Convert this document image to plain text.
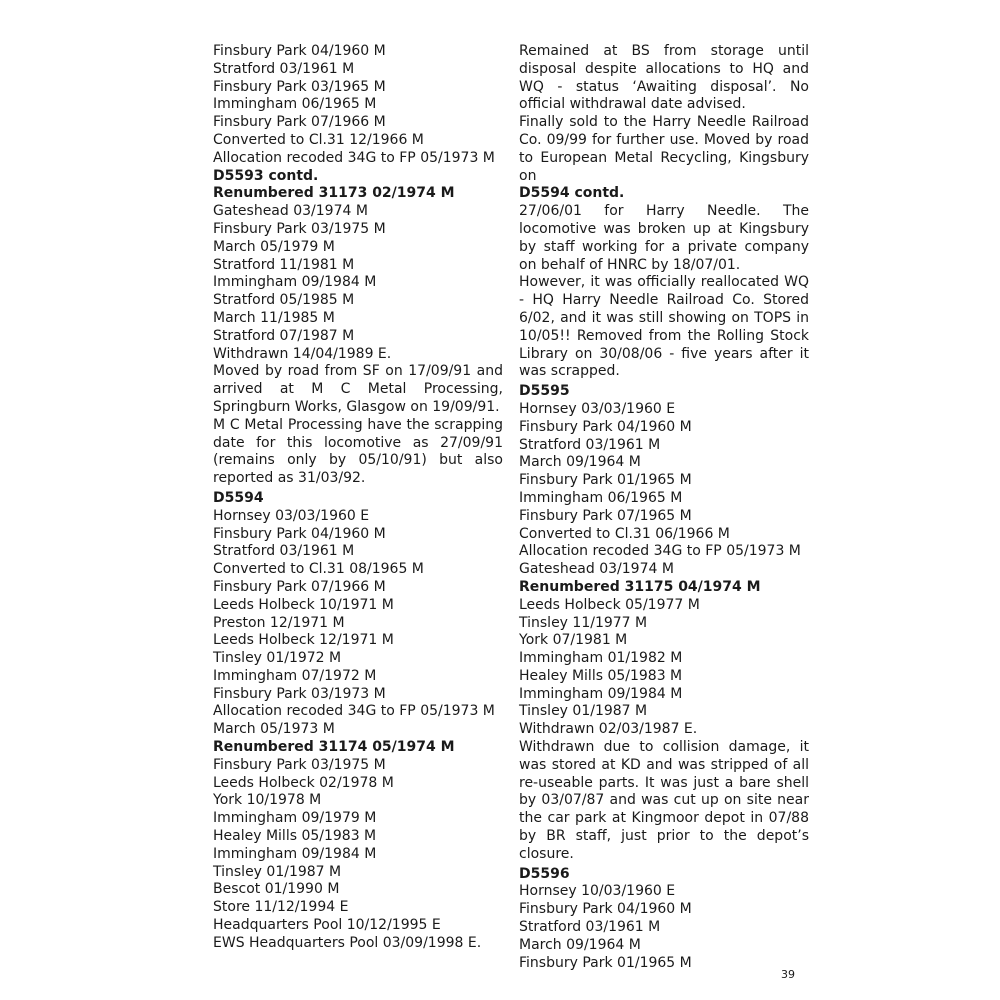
Finsbury Park 04/1960 M
Stratford 03/1961 M
Finsbury Park 03/1965 M
Immingham 06/1965 M
Finsbury Park 07/1966 M
Converted to Cl.31 12/1966 M
Allocation recoded 34G to FP 05/1973 M
D5593 contd.
Renumbered 31173 02/1974 M
Gateshead 03/1974 M
Finsbury Park 03/1975 M
March 05/1979 M
Stratford 11/1981 M
Immingham 09/1984 M
Stratford 05/1985 M
March 11/1985 M
Stratford 07/1987 M
Withdrawn 14/04/1989 E.
Moved by road from SF on 17/09/91 and arrived at M C Metal Processing, Springburn Works, Glasgow on 19/09/91.
M C Metal Processing have the scrapping date for this locomotive as 27/09/91 (remains only by 05/10/91) but also reported as 31/03/92.
D5594
Hornsey 03/03/1960 E
Finsbury Park 04/1960 M
Stratford 03/1961 M
Converted to Cl.31 08/1965 M
Finsbury Park 07/1966 M
Leeds Holbeck 10/1971 M
Preston 12/1971 M
Leeds Holbeck 12/1971 M
Tinsley 01/1972 M
Immingham 07/1972 M
Finsbury Park 03/1973 M
Allocation recoded 34G to FP 05/1973 M
March 05/1973 M
Renumbered 31174 05/1974 M
Finsbury Park 03/1975 M
Leeds Holbeck 02/1978 M
York 10/1978 M
Immingham 09/1979 M
Healey Mills 05/1983 M
Immingham 09/1984 M
Tinsley 01/1987 M
Bescot 01/1990 M
Store 11/12/1994 E
Headquarters Pool 10/12/1995 E
EWS Headquarters Pool 03/09/1998 E.
Remained at BS from storage until disposal despite allocations to HQ and WQ - status ‘Awaiting disposal’. No official withdrawal date advised.
Finally sold to the Harry Needle Railroad Co. 09/99 for further use. Moved by road to European Metal Recycling, Kingsbury on
D5594 contd.
27/06/01 for Harry Needle. The locomotive was broken up at Kingsbury by staff working for a private company on behalf of HNRC by 18/07/01.
However, it was officially reallocated WQ - HQ Harry Needle Railroad Co. Stored 6/02, and it was still showing on TOPS in 10/05!! Removed from the Rolling Stock Library on 30/08/06 - five years after it was scrapped.
D5595
Hornsey 03/03/1960 E
Finsbury Park 04/1960 M
Stratford 03/1961 M
March 09/1964 M
Finsbury Park 01/1965 M
Immingham 06/1965 M
Finsbury Park 07/1965 M
Converted to Cl.31 06/1966 M
Allocation recoded 34G to FP 05/1973 M
Gateshead 03/1974 M
Renumbered 31175 04/1974 M
Leeds Holbeck 05/1977 M
Tinsley 11/1977 M
York 07/1981 M
Immingham 01/1982 M
Healey Mills 05/1983 M
Immingham 09/1984 M
Tinsley 01/1987 M
Withdrawn 02/03/1987 E.
Withdrawn due to collision damage, it was stored at KD and was stripped of all re-useable parts. It was just a bare shell by 03/07/87 and was cut up on site near the car park at Kingmoor depot in 07/88 by BR staff, just prior to the depot’s closure.
D5596
Hornsey 10/03/1960 E
Finsbury Park 04/1960 M
Stratford 03/1961 M
March 09/1964 M
Finsbury Park 01/1965 M
39
